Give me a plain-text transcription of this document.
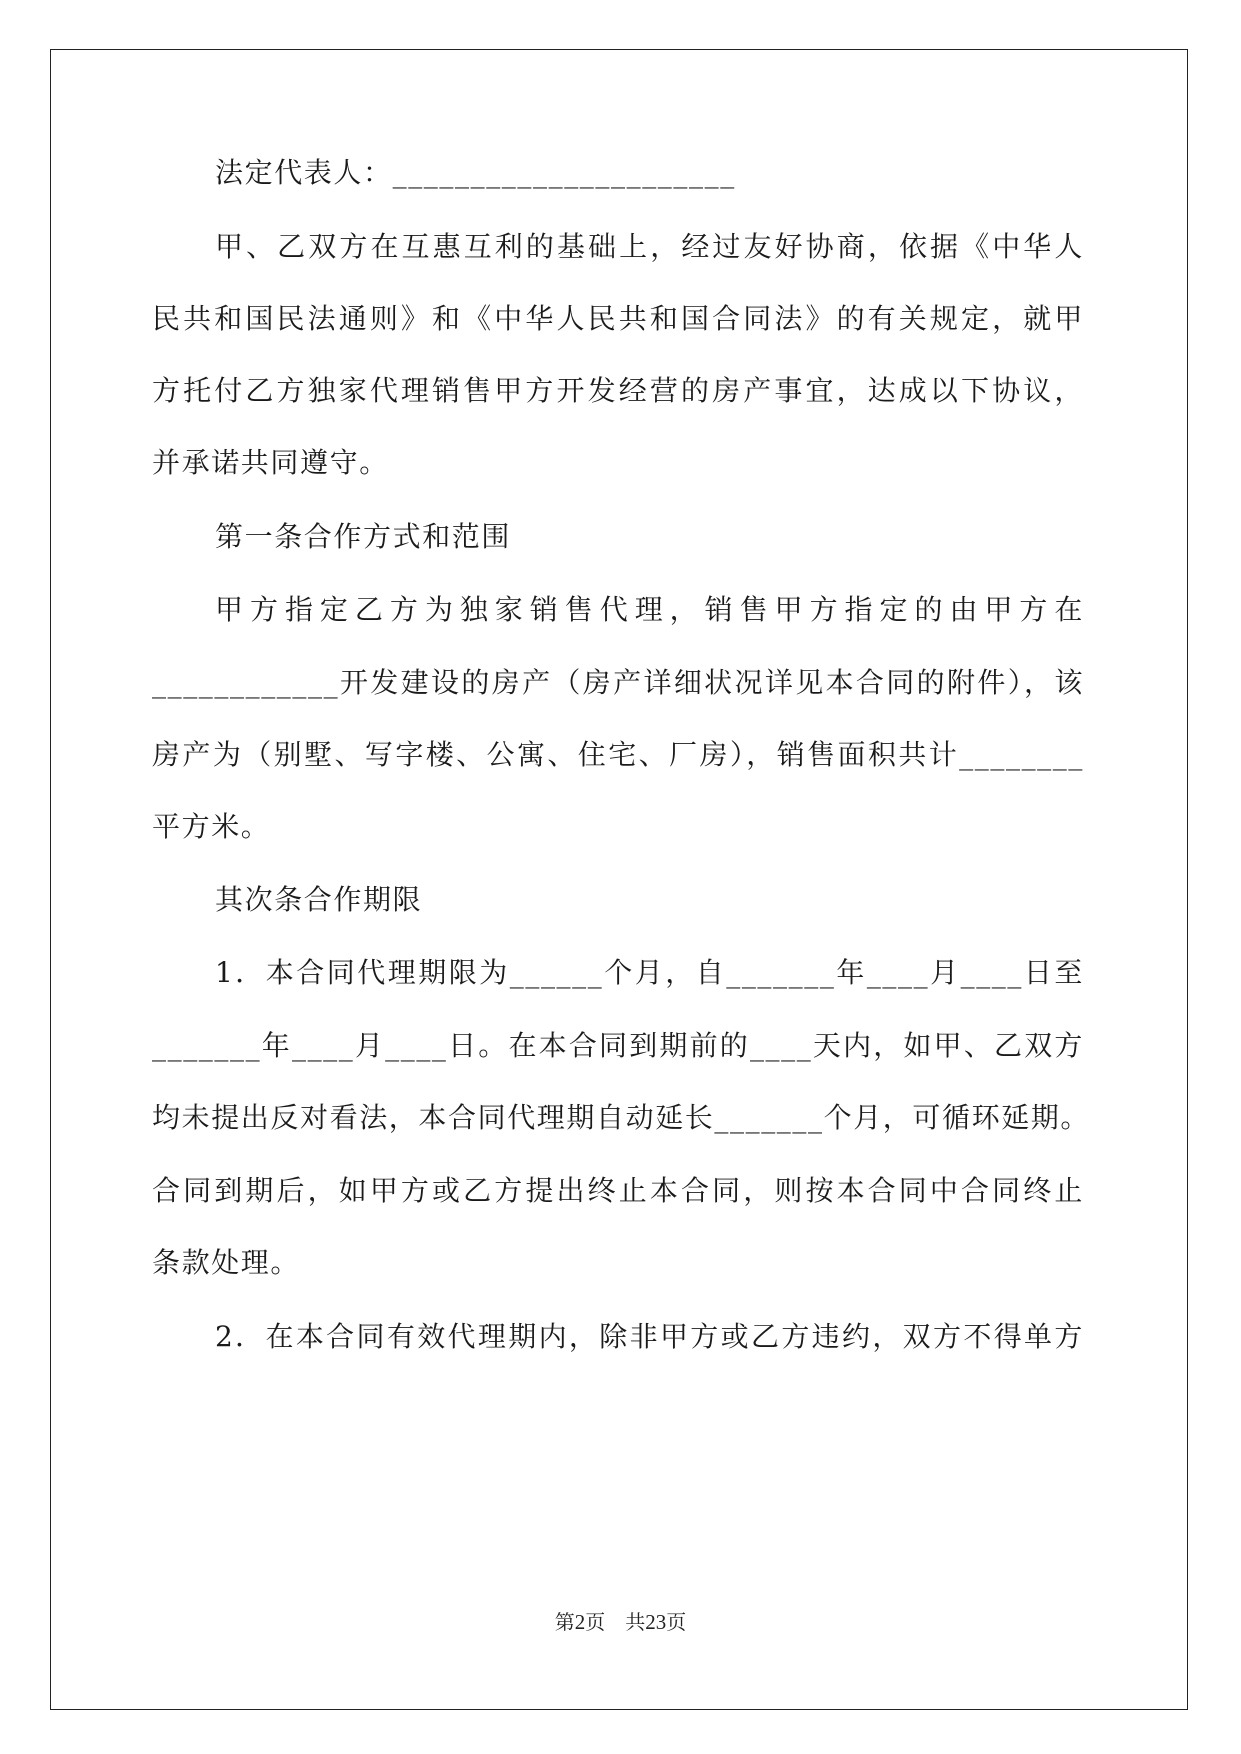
法定代表人：______________________
甲、乙双方在互惠互利的基础上，经过友好协商，依据《中华人
民共和国民法通则》和《中华人民共和国合同法》的有关规定，就甲
方托付乙方独家代理销售甲方开发经营的房产事宜，达成以下协议，
并承诺共同遵守。
第一条合作方式和范围
甲方指定乙方为独家销售代理，销售甲方指定的由甲方在
____________开发建设的房产（房产详细状况详见本合同的附件），该
房产为（别墅、写字楼、公寓、住宅、厂房），销售面积共计________
平方米。
其次条合作期限
1．本合同代理期限为______个月，自_______年____月____日至
_______年____月____日。在本合同到期前的____天内，如甲、乙双方
均未提出反对看法，本合同代理期自动延长_______个月，可循环延期。
合同到期后，如甲方或乙方提出终止本合同，则按本合同中合同终止
条款处理。
2．在本合同有效代理期内，除非甲方或乙方违约，双方不得单方
第2页　共23页
